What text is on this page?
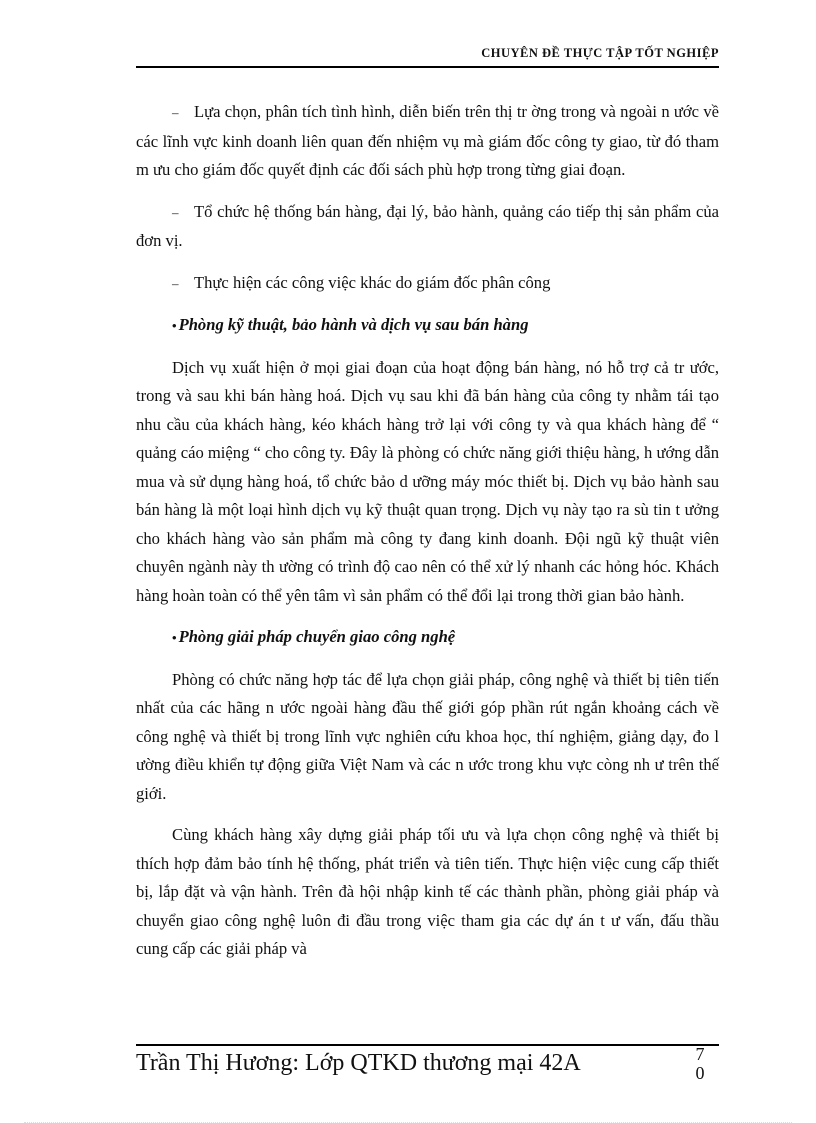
CHUYÊN ĐỀ THỰC TẬP TỐT NGHIỆP

– Lựa chọn, phân tích tình hình, diễn biến trên thị tr ờng trong và ngoài n ước về các lĩnh vực kinh doanh liên quan đến nhiệm vụ mà giám đốc công ty giao, từ đó tham m ưu cho giám đốc quyết định các đối sách phù hợp trong từng giai đoạn.

– Tổ chức hệ thống bán hàng, đại lý, bảo hành, quảng cáo tiếp thị sản phẩm của đơn vị.

– Thực hiện các công việc khác do giám đốc phân công

• Phòng kỹ thuật, bảo hành và dịch vụ sau bán hàng

Dịch vụ xuất hiện ở mọi giai đoạn của hoạt động bán hàng, nó hỗ trợ cả tr ước, trong và sau khi bán hàng hoá. Dịch vụ sau khi đã bán hàng của công ty nhằm tái tạo nhu cầu của khách hàng, kéo khách hàng trở lại với công ty và qua khách hàng để “ quảng cáo miệng “ cho công ty. Đây là phòng có chức năng giới thiệu hàng, h ướng dẫn mua và sử dụng hàng hoá, tổ chức bảo d ưỡng máy móc thiết bị. Dịch vụ bảo hành sau bán hàng là một loại hình dịch vụ kỹ thuật quan trọng. Dịch vụ này tạo ra sù tin t ưởng cho khách hàng vào sản phẩm mà công ty đang kinh doanh. Đội ngũ kỹ thuật viên chuyên ngành này th ường có trình độ cao nên có thể xử lý nhanh các hỏng hóc. Khách hàng hoàn toàn có thể yên tâm vì sản phẩm có thể đổi lại trong thời gian bảo hành.

• Phòng giải pháp chuyển giao công nghệ

Phòng có chức năng hợp tác để lựa chọn giải pháp, công nghệ và thiết bị tiên tiến nhất của các hãng n ước ngoài hàng đầu thế giới góp phần rút ngắn khoảng cách về công nghệ và thiết bị trong lĩnh vực nghiên cứu khoa học, thí nghiệm, giảng dạy, đo l ường điều khiển tự động giữa Việt Nam và các n ước trong khu vực còng nh ư trên thế giới.

Cùng khách hàng xây dựng giải pháp tối ưu và lựa chọn công nghệ và thiết bị thích hợp đảm bảo tính hệ thống, phát triển và tiên tiến. Thực hiện việc cung cấp thiết bị, lắp đặt và vận hành. Trên đà hội nhập kinh tế các thành phần, phòng giải pháp và chuyển giao công nghệ luôn đi đầu trong việc tham gia các dự án t ư vấn, đấu thầu cung cấp các giải pháp và

Trần Thị Hương: Lớp QTKD thương mại 42A	7
0
